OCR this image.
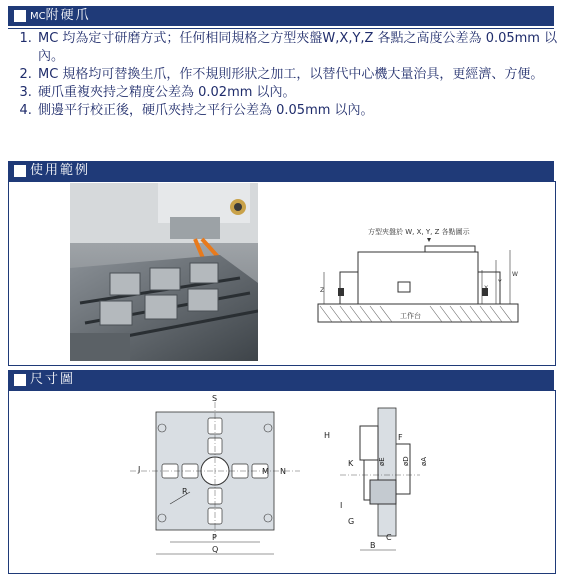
MC附硬爪
1. MC 均為定寸研磨方式；任何相同規格之方型夾盤W,X,Y,Z 各點之高度公差為 0.05mm 以內。
2. MC 規格均可替換生爪，作不規則形狀之加工，以替代中心機大量治具，更經濟、方便。
3. 硬爪重複夾持之精度公差為 0.02mm 以內。
4. 側邊平行校正後，硬爪夾持之平行公差為 0.05mm 以內。
使用範例
方型夾盤於 W, X, Y, Z 各點圖示
工作台
Z	X
Y
W
尺寸圖
S
J	M N
R
P
Q
H
K
F
øE øD øA
I
G
B
C
